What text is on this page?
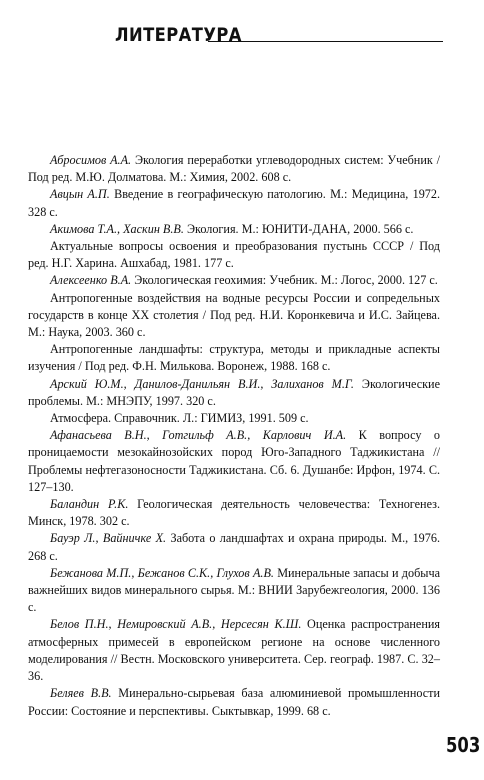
ЛИТЕРАТУРА

Абросимов А.А. Экология переработки углеводородных систем: Учебник / Под ред. М.Ю. Долматова. М.: Химия, 2002. 608 с.

Авцын А.П. Введение в географическую патологию. М.: Медицина, 1972. 328 с.

Акимова Т.А., Хаскин В.В. Экология. М.: ЮНИТИ-ДАНА, 2000. 566 с.

Актуальные вопросы освоения и преобразования пустынь СССР / Под ред. Н.Г. Харина. Ашхабад, 1981. 177 с.

Алексеенко В.А. Экологическая геохимия: Учебник. М.: Логос, 2000. 127 с.

Антропогенные воздействия на водные ресурсы России и сопредельных государств в конце XX столетия / Под ред. Н.И. Коронкевича и И.С. Зайцева. М.: Наука, 2003. 360 с.

Антропогенные ландшафты: структура, методы и прикладные аспекты изучения / Под ред. Ф.Н. Милькова. Воронеж, 1988. 168 с.

Арский Ю.М., Данилов-Данильян В.И., Залиханов М.Г. Экологические проблемы. М.: МНЭПУ, 1997. 320 с.

Атмосфера. Справочник. Л.: ГИМИЗ, 1991. 509 с.

Афанасьева В.Н., Готгильф А.В., Карлович И.А. К вопросу о проницаемости мезокайнозойских пород Юго-Западного Таджикистана // Проблемы нефтегазоносности Таджикистана. Сб. 6. Душанбе: Ирфон, 1974. С. 127–130.

Баландин Р.К. Геологическая деятельность человечества: Техногенез. Минск, 1978. 302 с.

Бауэр Л., Вайничке Х. Забота о ландшафтах и охрана природы. М., 1976. 268 с.

Бежанова М.П., Бежанов С.К., Глухов А.В. Минеральные запасы и добыча важнейших видов минерального сырья. М.: ВНИИ Зарубежгеология, 2000. 136 с.

Белов П.Н., Немировский А.В., Нерсесян К.Ш. Оценка распространения атмосферных примесей в европейском регионе на основе численного моделирования // Вестн. Московского университета. Сер. географ. 1987. С. 32–36.

Беляев В.В. Минерально-сырьевая база алюминиевой промышленности России: Состояние и перспективы. Сыктывкар, 1999. 68 с.

503
